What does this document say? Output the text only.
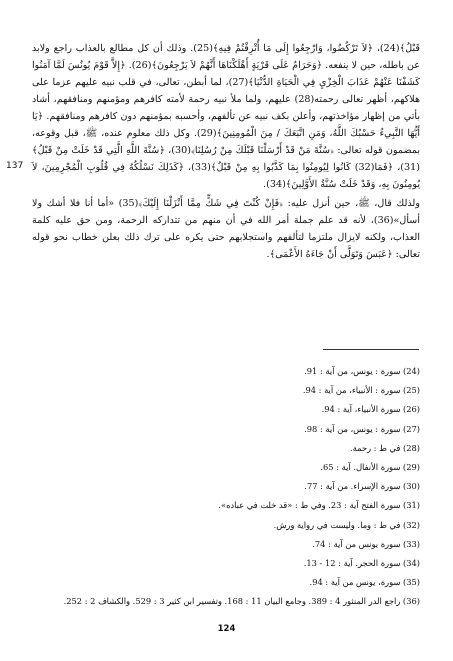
137

قَبْلُ﴾(24)، ﴿لاَ تَرْكُضُوا، وَارْجِعُوا إِلَى مَا أُتْرِفْتُمْ فِيهِ﴾(25). وذلك أن كل مطالع بالعذاب راجع ولابد عن باطله، حين لا ينفعه. ﴿وَحَرَامٌ عَلَى قَرْيَةٍ أَهْلَكْنَاهَا أَنَّهُمْ لاَ يَرْجِعُونَ﴾(26). ﴿إِلاَّ قَوْمَ يُونُسَ لَمَّا آمَنُوا كَشَفْنَا عَنْهُمْ عَذَابَ الْخِزْيِ فِي الْحَيَاةِ الدُّنْيَا﴾(27)، لما أبطن، تعالى، في قلب نبيه عليهم عزما على هلاكهم، أظهر تعالى رحمته(28) عليهم، ولما ملأ نبيه رحمة لأمته كافرهم ومؤمنهم ومنافقهم، أشاد بأتي من إظهار مؤاخذتهم، وأعلن بكف نبيه عن تألفهم، وأحسبه بمؤمنهم دون كافرهم ومنافقهم. ﴿يَا أَيُّهَا النَّبِيءُ حَسْبُكَ اللَّهُ، وَمَنِ اتَّبَعَكَ / مِنَ الْمُومِنِينَ﴾(29). وكل ذلك معلوم عنده، ﷺ، قبل وقوعه، بمضمون قوله تعالى: ﴿سُنَّةَ مَنْ قَدْ أَرْسَلْنَا قَبْلَكَ مِنْ رُسُلِنَا﴾(30)، ﴿سُنَّةَ اللَّهِ الَّتِي قَدْ خَلَتْ مِنْ قَبْلُ﴾(31)، ﴿فَمَا(32) كَانُوا لِيُومِنُوا بِمَا كَذَّبُوا بِهِ مِنْ قَبْلُ﴾(33)، ﴿كَذَلِكَ نَسْلُكُهُ فِي قُلُوبِ الْمُجْرِمِينَ، لاَ يُومِنُونَ بِهِ، وَقَدْ خَلَتْ سُنَّةُ الأَوَّلِينَ﴾(34).

ولذلك قال، ﷺ، حين أنزل عليه: ﴿فَإِنْ كُنْتَ فِي شَكٍّ مِمَّا أَنْزَلْنَا إِلَيْكَ﴾(35) «أما أنا فلا أشك ولا أسأل»(36)، لأنه قد علم جملة أمر الله في أن منهم من تتداركه الرحمة، ومن حق عليه كلمة العذاب، ولكنه لايزال ملتزما لتألفهم واستجلابهم حتى يكره على ترك ذلك بعلن خطاب نحو قوله تعالى: ﴿عَبَسَ وَتَوَلَّى أَنْ جَاءَهُ الأَعْمَى﴾.

(24) سورة : يونس، من آية : 91.
(25) سورة : الأنبياء، من آية : 94.
(26) سورة الأنبياء، آية : 94.
(27) سورة : يونس، من آية : 98.
(28) في ط : رحمة.
(29) سورة الأنفال. آية : 65.
(30) سورة الإسراء. من آية : 77.
(31) سورة الفتح آية : 23. وفي ط : «قد خلت في عباده».
(32) في ط : وما. وليست في رواية ورش.
(33) سورة يونس من آية : 74.
(34) سورة الحجر. آية : 12 - 13.
(35) سورة، يونس من آية : 94.
(36) راجع الدر المنثور 4 : 389. وجامع البيان 11 : 168. وتفسير ابن كثير 3 : 529. والكشاف 2 : 252.
124
